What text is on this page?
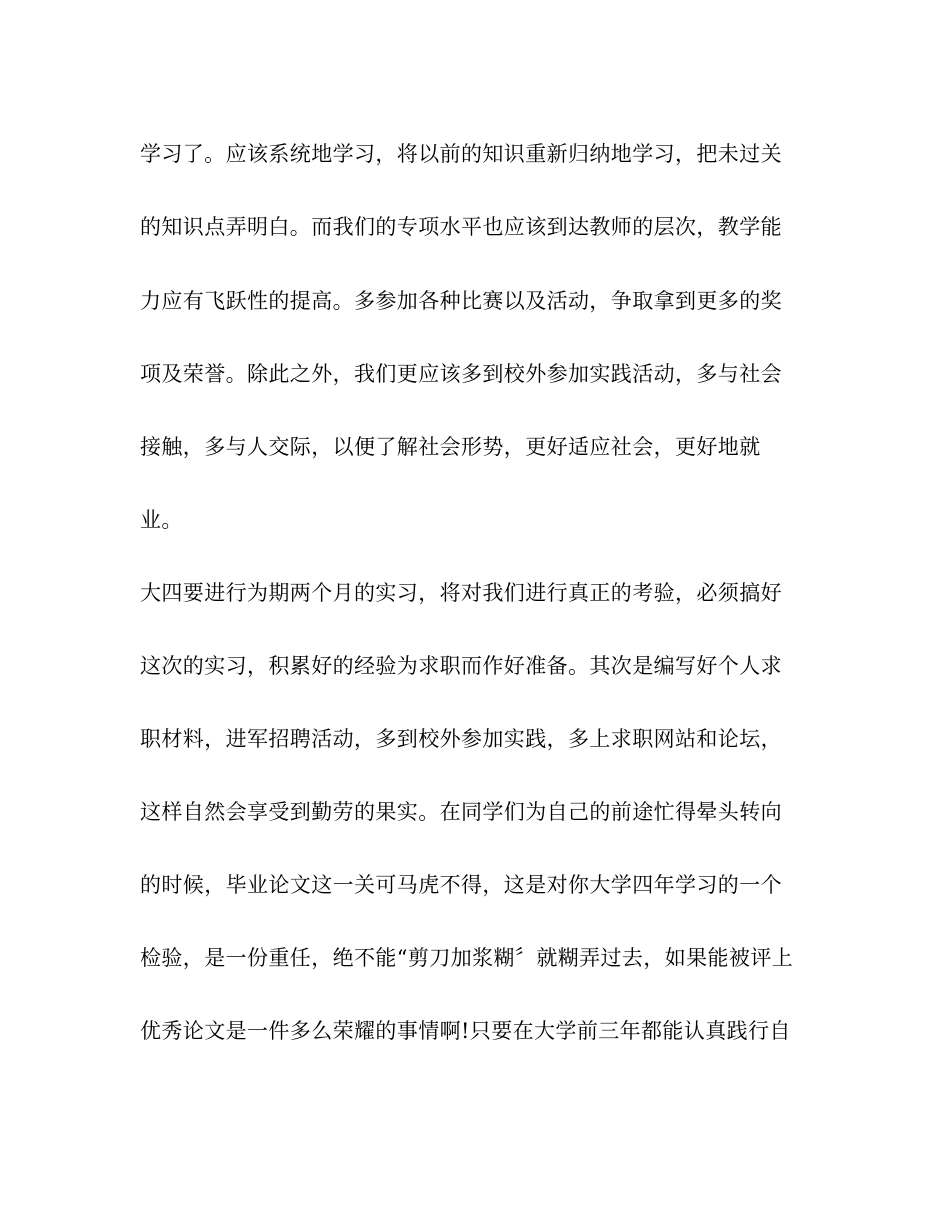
学习了。应该系统地学习，将以前的知识重新归纳地学习，把未过关
的知识点弄明白。而我们的专项水平也应该到达教师的层次，教学能
力应有飞跃性的提高。多参加各种比赛以及活动，争取拿到更多的奖
项及荣誉。除此之外，我们更应该多到校外参加实践活动，多与社会
接触，多与人交际，以便了解社会形势，更好适应社会，更好地就
业。
大四要进行为期两个月的实习，将对我们进行真正的考验，必须搞好
这次的实习，积累好的经验为求职而作好准备。其次是编写好个人求
职材料，进军招聘活动，多到校外参加实践，多上求职网站和论坛，
这样自然会享受到勤劳的果实。在同学们为自己的前途忙得晕头转向
的时候，毕业论文这一关可马虎不得，这是对你大学四年学习的一个
检验，是一份重任，绝不能“剪刀加浆糊〞就糊弄过去，如果能被评上
优秀论文是一件多么荣耀的事情啊!只要在大学前三年都能认真践行自
